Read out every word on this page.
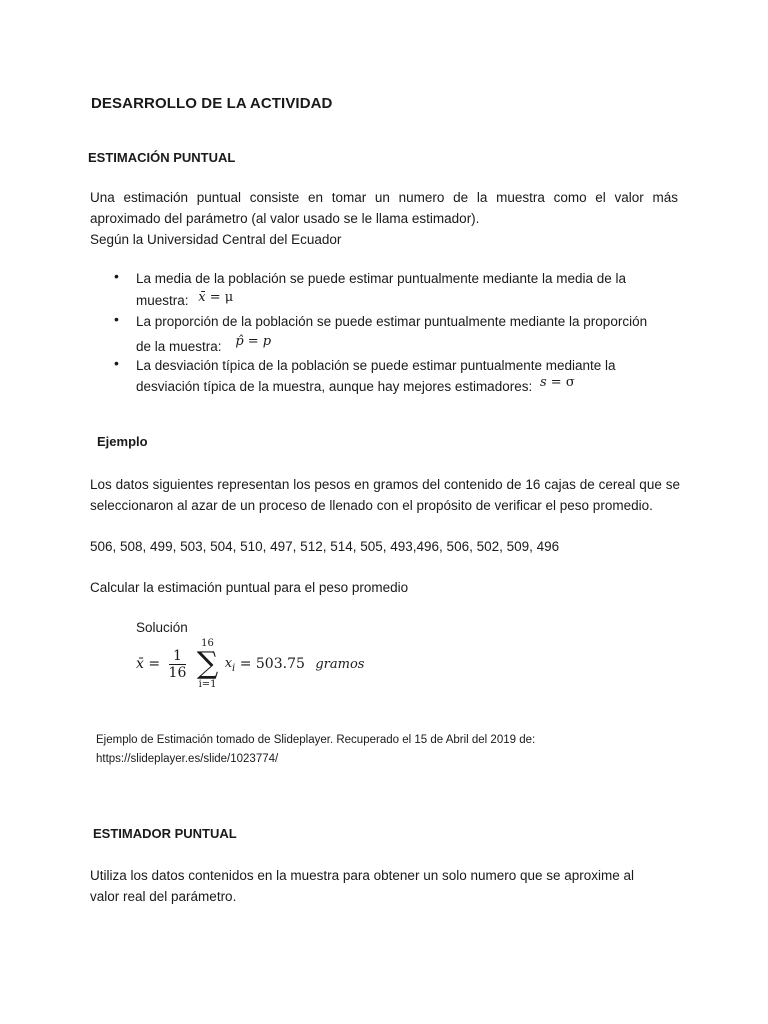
DESARROLLO DE LA ACTIVIDAD
ESTIMACIÓN PUNTUAL
Una estimación puntual consiste en tomar un numero de la muestra como el valor más aproximado del parámetro (al valor usado se le llama estimador).
Según la Universidad Central del Ecuador
• La media de la población se puede estimar puntualmente mediante la media de la
muestra: x̄ = μ
• La proporción de la población se puede estimar puntualmente mediante la proporción
de la muestra: p̂ = p
• La desviación típica de la población se puede estimar puntualmente mediante la
desviación típica de la muestra, aunque hay mejores estimadores: s = σ
Ejemplo
Los datos siguientes representan los pesos en gramos del contenido de 16 cajas de cereal que se seleccionaron al azar de un proceso de llenado con el propósito de verificar el peso promedio.
506, 508, 499, 503, 504, 510, 497, 512, 514, 505, 493,496, 506, 502, 509, 496
Calcular la estimación puntual para el peso promedio
Solución
x̄ = $\frac{1}{16}$

16
∑
i=1
$x_i = 503.75$ gramos
Ejemplo de Estimación tomado de Slideplayer. Recuperado el 15 de Abril del 2019 de:
https://slideplayer.es/slide/1023774/
ESTIMADOR PUNTUAL
Utiliza los datos contenidos en la muestra para obtener un solo numero que se aproxime al valor real del parámetro.
